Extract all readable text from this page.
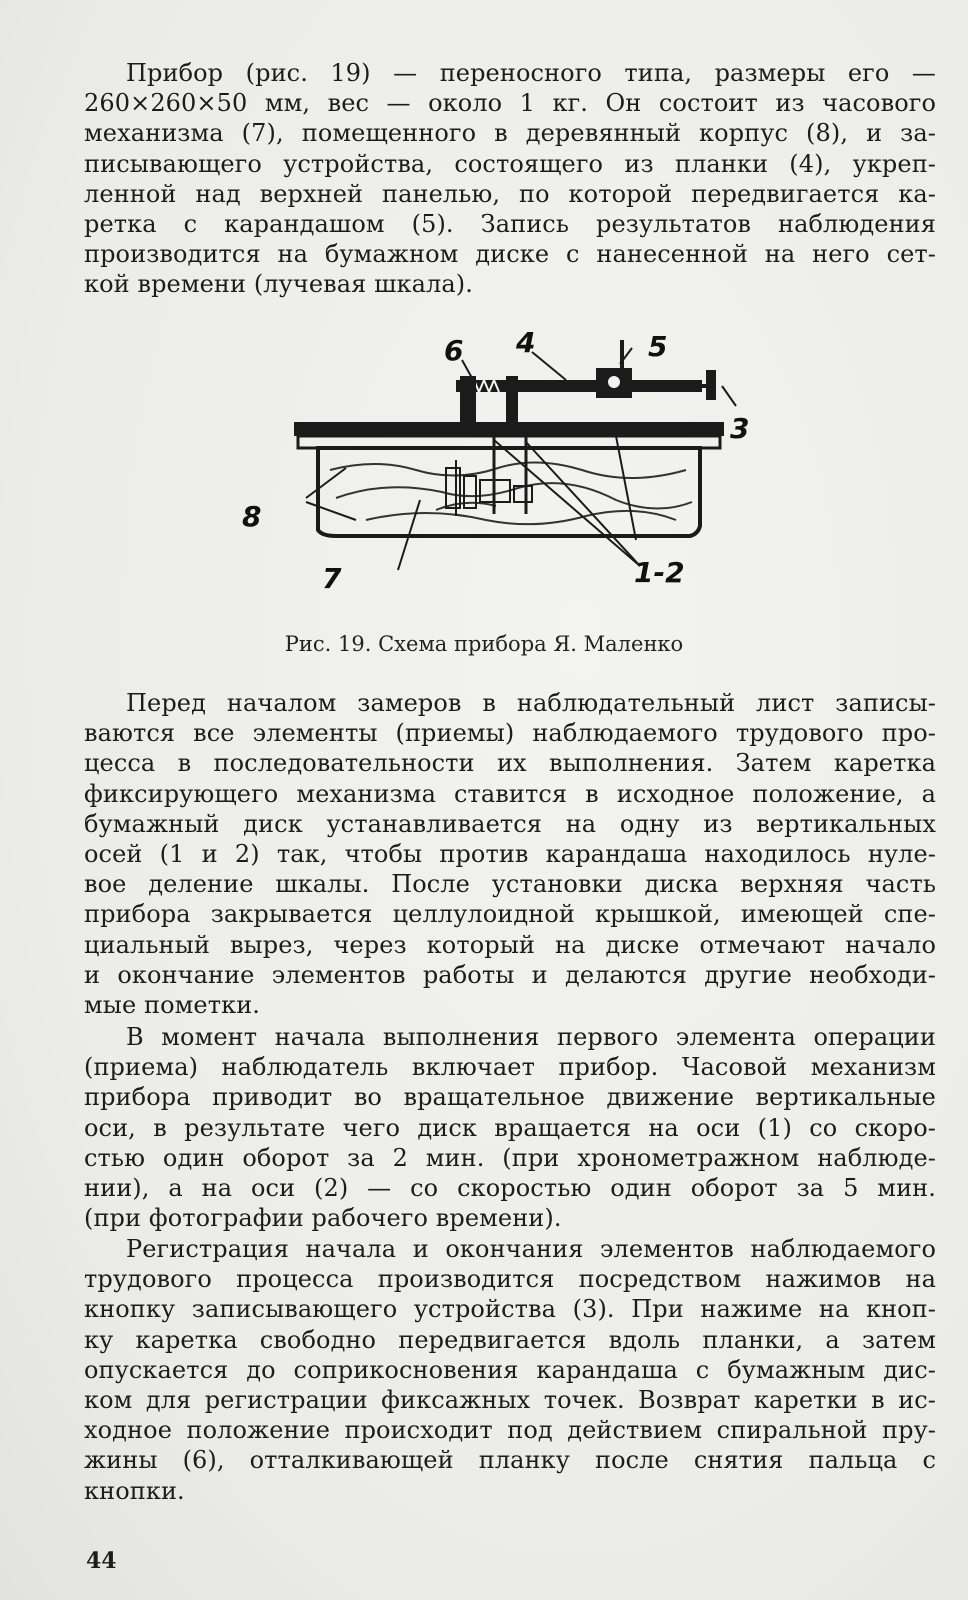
Прибор (рис. 19) — переносного типа, размеры его —
260×260×50 мм, вес — около 1 кг. Он состоит из часового
механизма (7), помещенного в деревянный корпус (8), и за-
писывающего устройства, состоящего из планки (4), укреп-
ленной над верхней панелью, по которой передвигается ка-
ретка с карандашом (5). Запись результатов наблюдения
производится на бумажном диске с нанесенной на него сет-
кой времени (лучевая шкала).

6 4	5
3
8
7	1-2
Рис. 19. Схема прибора Я. Маленко

Перед началом замеров в наблюдательный лист записы-
ваются все элементы (приемы) наблюдаемого трудового про-
цесса в последовательности их выполнения. Затем каретка
фиксирующего механизма ставится в исходное положение, а
бумажный диск устанавливается на одну из вертикальных
осей (1 и 2) так, чтобы против карандаша находилось нуле-
вое деление шкалы. После установки диска верхняя часть
прибора закрывается целлулоидной крышкой, имеющей спе-
циальный вырез, через который на диске отмечают начало
и окончание элементов работы и делаются другие необходи-
мые пометки.

В момент начала выполнения первого элемента операции
(приема) наблюдатель включает прибор. Часовой механизм
прибора приводит во вращательное движение вертикальные
оси, в результате чего диск вращается на оси (1) со скоро-
стью один оборот за 2 мин. (при хронометражном наблюде-
нии), а на оси (2) — со скоростью один оборот за 5 мин.
(при фотографии рабочего времени).

Регистрация начала и окончания элементов наблюдаемого
трудового процесса производится посредством нажимов на
кнопку записывающего устройства (3). При нажиме на кноп-
ку каретка свободно передвигается вдоль планки, а затем
опускается до соприкосновения карандаша с бумажным дис-
ком для регистрации фиксажных точек. Возврат каретки в ис-
ходное положение происходит под действием спиральной пру-
жины (6), отталкивающей планку после снятия пальца с
кнопки.

44
